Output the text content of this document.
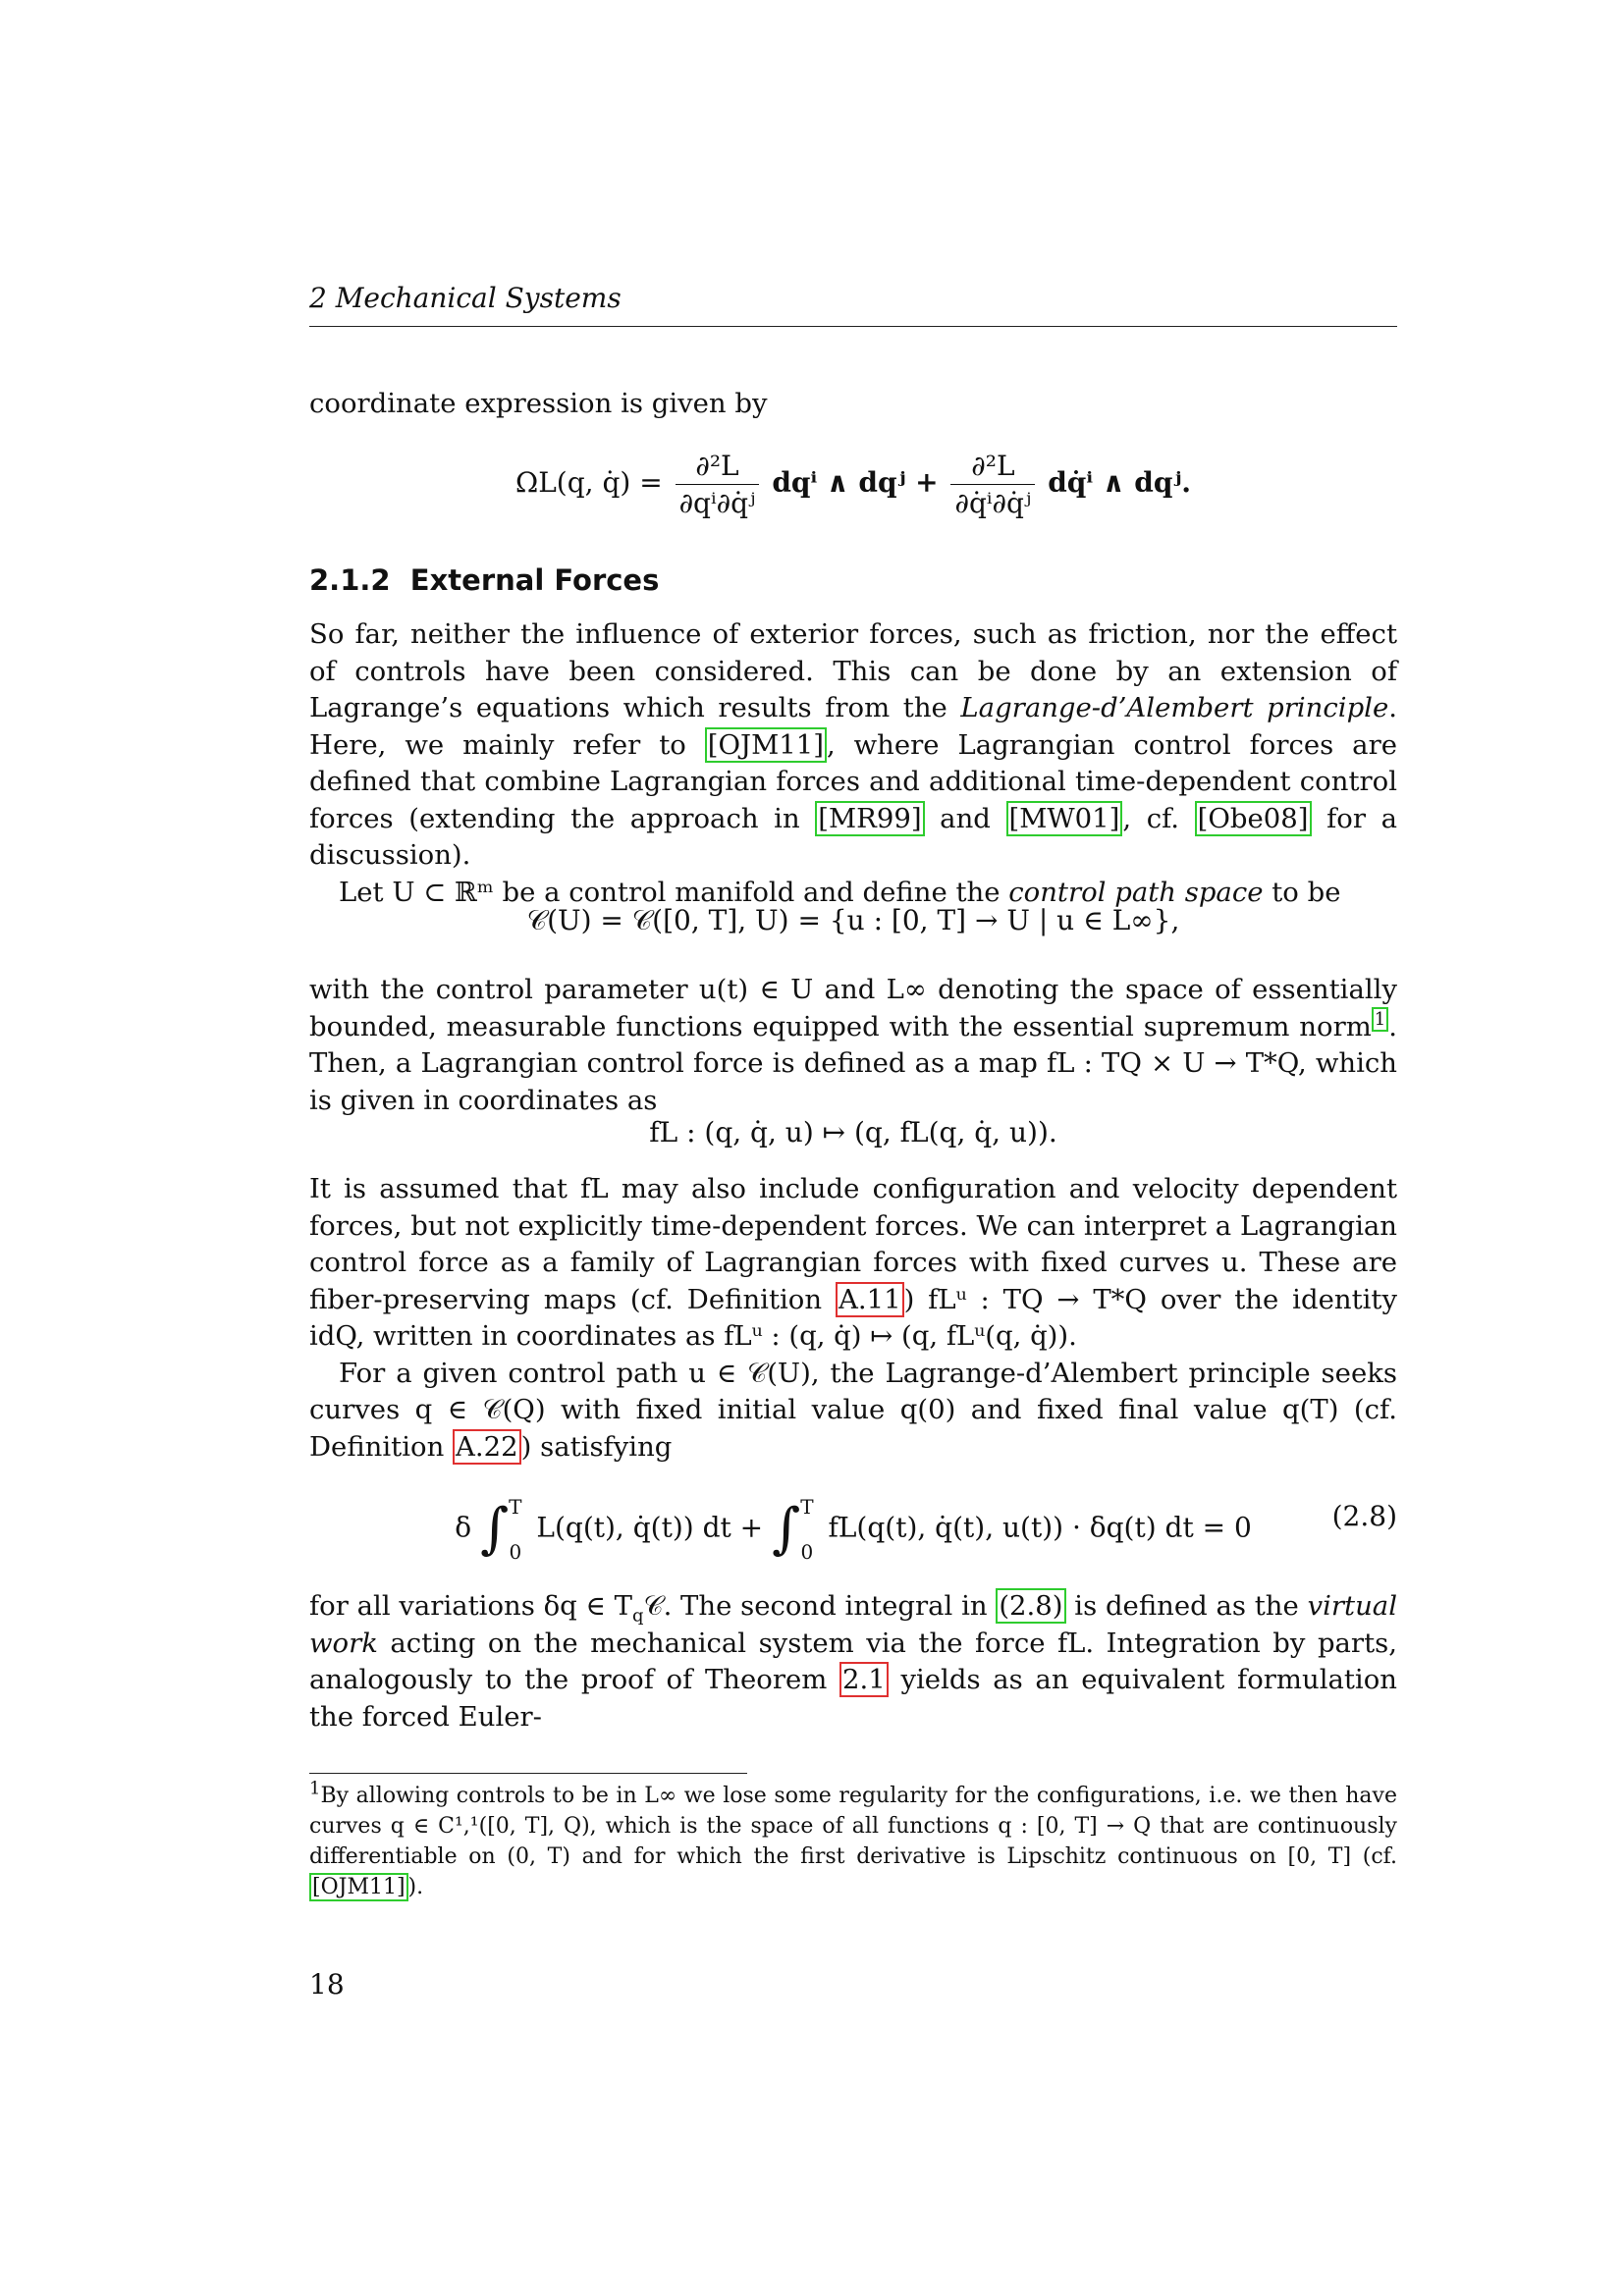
2 Mechanical Systems

coordinate expression is given by

ΩL(q, q̇) = $\frac{\text{∂²L}}{\text{∂qⁱ∂q̇ʲ}}$ dqⁱ ∧ dqʲ + $\frac{\text{∂²L}}{\text{∂q̇ⁱ∂q̇ʲ}}$ dq̇ⁱ ∧ dqʲ.
2.1.2 External Forces

So far, neither the influence of exterior forces, such as friction, nor the effect of controls have been considered. This can be done by an extension of Lagrange’s equations which results from the Lagrange-d’Alembert principle. Here, we mainly refer to [OJM11] , where Lagrangian control forces are defined that combine Lagrangian forces and additional time-dependent control forces (extending the approach in [MR99] and [MW01] , cf. [Obe08] for a discussion).

Let U ⊂ ℝᵐ be a control manifold and define the control path space to be

𝒞(U) = 𝒞([0, T], U) = {u : [0, T] → U | u ∈ L∞},

with the control parameter u(t) ∈ U and L∞ denoting the space of essentially bounded, measurable functions equipped with the essential supremum norm $^1$ . Then, a Lagrangian control force is defined as a map fL : TQ × U → T*Q, which is given in coordinates as

fL : (q, q̇, u) ↦ (q, fL(q, q̇, u)).

It is assumed that fL may also include configuration and velocity dependent forces, but not explicitly time-dependent forces. We can interpret a Lagrangian control force as a family of Lagrangian forces with fixed curves u. These are fiber-preserving maps (cf. Definition A.11 ) fLᵘ : TQ → T*Q over the identity idQ, written in coordinates as fLᵘ : (q, q̇) ↦ (q, fLᵘ(q, q̇)).

For a given control path u ∈ 𝒞(U), the Lagrange-d’Alembert principle seeks curves q ∈ 𝒞(Q) with fixed initial value q(0) and fixed final value q(T) (cf. Definition A.22 ) satisfying

δ ∫ T
0
L(q(t), q̇(t)) dt + ∫ T
0
fL(q(t), q̇(t), u(t)) · δq(t) dt = 0	(2.8)

for all variations δq ∈ $T_q𝒞$. The second integral in (2.8) is defined as the virtual work acting on the mechanical system via the force fL. Integration by parts, analogously to the proof of Theorem 2.1 yields as an equivalent formulation the forced Euler-

$^1$By allowing controls to be in L∞ we lose some regularity for the configurations, i.e. we then have curves q ∈ C¹,¹([0, T], Q), which is the space of all functions q : [0, T] → Q that are continuously differentiable on (0, T) and for which the first derivative is Lipschitz continuous on [0, T] (cf. [OJM11] ).
18
